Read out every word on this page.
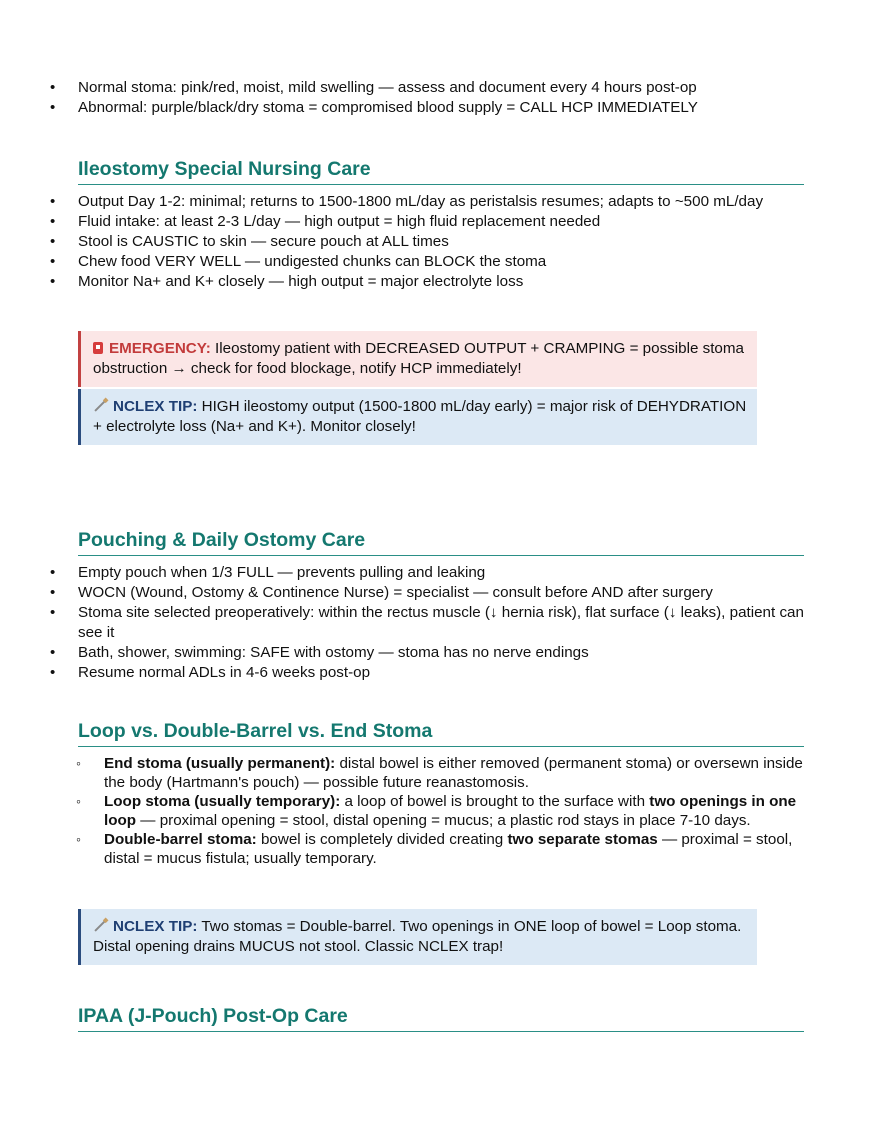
• Normal stoma: pink/red, moist, mild swelling — assess and document every 4 hours post-op
• Abnormal: purple/black/dry stoma = compromised blood supply = CALL HCP IMMEDIATELY
Ileostomy Special Nursing Care
• Output Day 1-2: minimal; returns to 1500-1800 mL/day as peristalsis resumes; adapts to ~500 mL/day
• Fluid intake: at least 2-3 L/day — high output = high fluid replacement needed
• Stool is CAUSTIC to skin — secure pouch at ALL times
• Chew food VERY WELL — undigested chunks can BLOCK the stoma
• Monitor Na+ and K+ closely — high output = major electrolyte loss
EMERGENCY: Ileostomy patient with DECREASED OUTPUT + CRAMPING = possible stoma obstruction → check for food blockage, notify HCP immediately!
NCLEX TIP: HIGH ileostomy output (1500-1800 mL/day early) = major risk of DEHYDRATION + electrolyte loss (Na+ and K+). Monitor closely!
Pouching & Daily Ostomy Care
• Empty pouch when 1/3 FULL — prevents pulling and leaking
• WOCN (Wound, Ostomy & Continence Nurse) = specialist — consult before AND after surgery
• Stoma site selected preoperatively: within the rectus muscle (↓ hernia risk), flat surface (↓ leaks), patient can see it
• Bath, shower, swimming: SAFE with ostomy — stoma has no nerve endings
• Resume normal ADLs in 4-6 weeks post-op
Loop vs. Double-Barrel vs. End Stoma
◦ End stoma (usually permanent): distal bowel is either removed (permanent stoma) or oversewn inside the body (Hartmann's pouch) — possible future reanastomosis.
◦ Loop stoma (usually temporary): a loop of bowel is brought to the surface with two openings in one loop — proximal opening = stool, distal opening = mucus; a plastic rod stays in place 7-10 days.
◦ Double-barrel stoma: bowel is completely divided creating two separate stomas — proximal = stool, distal = mucus fistula; usually temporary.
NCLEX TIP: Two stomas = Double-barrel. Two openings in ONE loop of bowel = Loop stoma. Distal opening drains MUCUS not stool. Classic NCLEX trap!
IPAA (J-Pouch) Post-Op Care
